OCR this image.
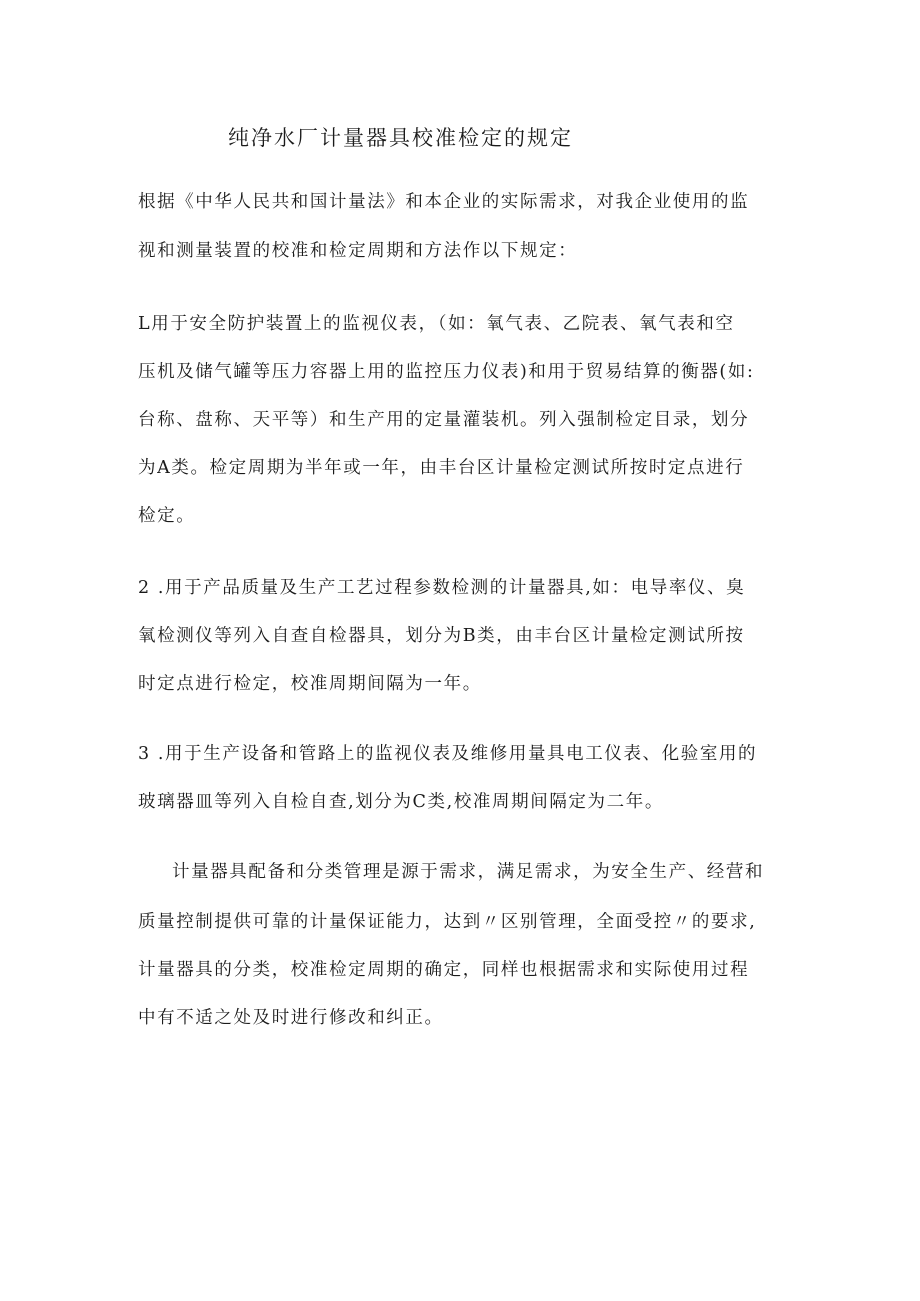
纯净水厂计量器具校准检定的规定
根据《中华人民共和国计量法》和本企业的实际需求，对我企业使用的监
视和测量装置的校准和检定周期和方法作以下规定：
L用于安全防护装置上的监视仪表，（如：氧气表、乙院表、氧气表和空
压机及储气罐等压力容器上用的监控压力仪表)和用于贸易结算的衡器(如:
台称、盘称、天平等）和生产用的定量灌装机。列入强制检定目录，划分
为A类。检定周期为半年或一年，由丰台区计量检定测试所按时定点进行
检定。
2 .用于产品质量及生产工艺过程参数检测的计量器具,如：电导率仪、臭
氧检测仪等列入自查自检器具，划分为B类，由丰台区计量检定测试所按
时定点进行检定，校准周期间隔为一年。
3 .用于生产设备和管路上的监视仪表及维修用量具电工仪表、化验室用的
玻璃器皿等列入自检自查,划分为C类,校准周期间隔定为二年。
计量器具配备和分类管理是源于需求，满足需求，为安全生产、经营和
质量控制提供可靠的计量保证能力，达到〃区别管理，全面受控〃的要求,
计量器具的分类，校准检定周期的确定，同样也根据需求和实际使用过程
中有不适之处及时进行修改和纠正。
